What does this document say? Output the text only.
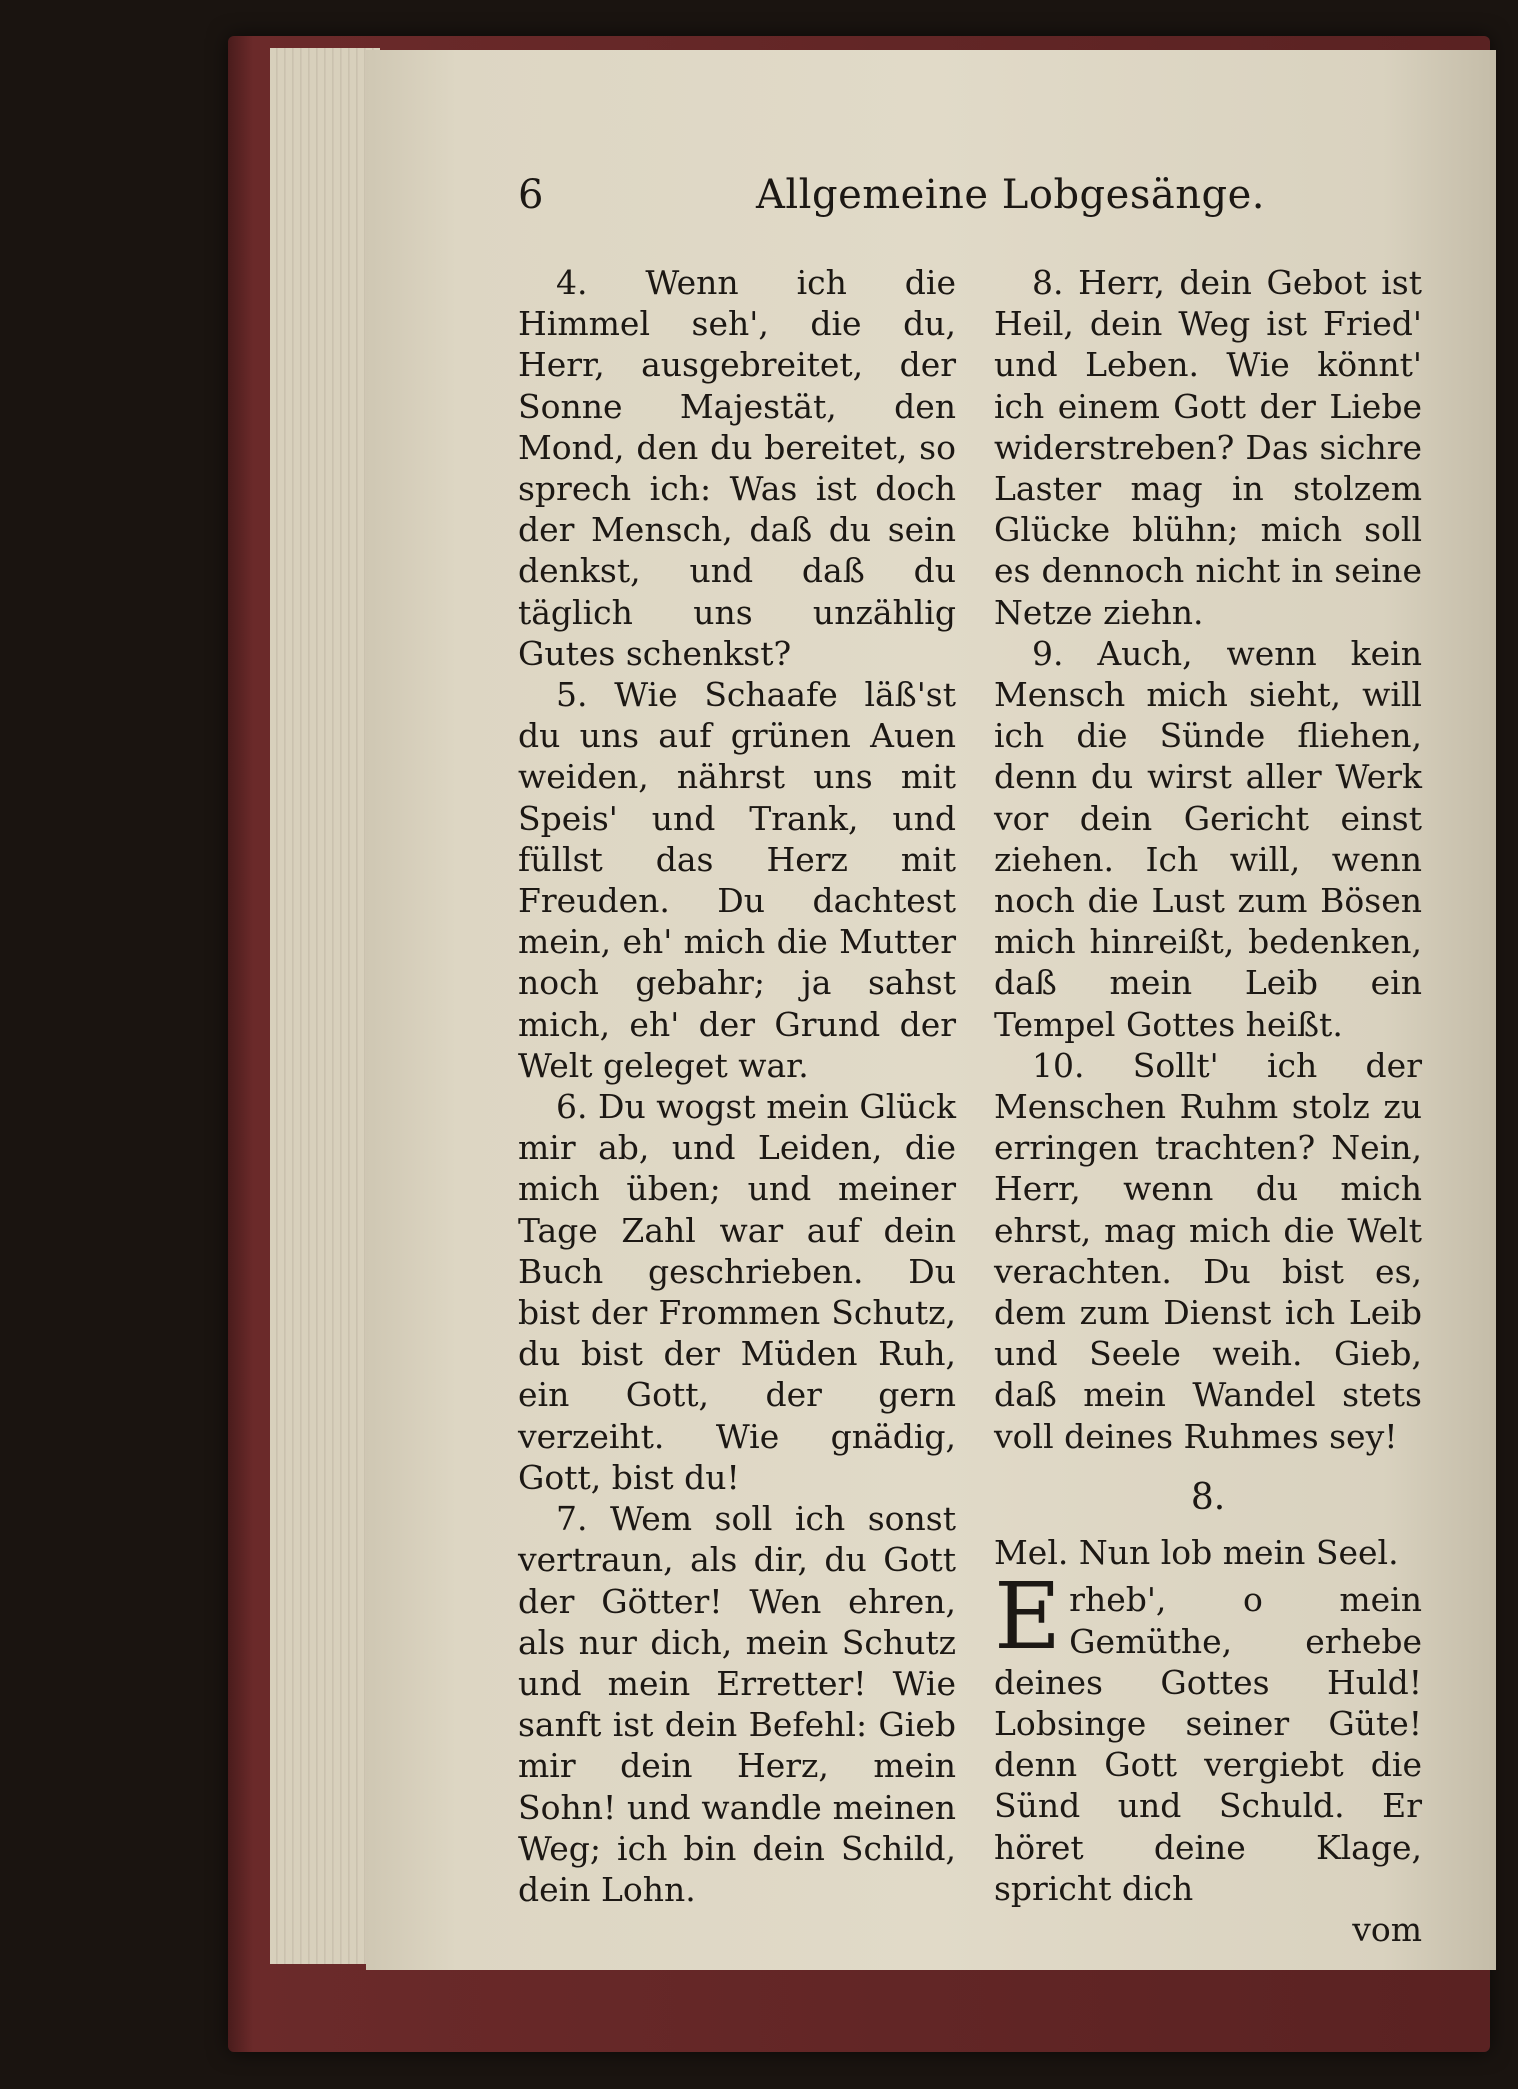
6	Allgemeine Lobgesänge.

4. Wenn ich die Himmel seh', die du, Herr, ausgebreitet, der Sonne Majestät, den Mond, den du bereitet, so sprech ich: Was ist doch der Mensch, daß du sein denkst, und daß du täglich uns unzählig Gutes schenkst?

5. Wie Schaafe läß'st du uns auf grünen Auen weiden, nährst uns mit Speis' und Trank, und füllst das Herz mit Freuden. Du dachtest mein, eh' mich die Mutter noch gebahr; ja sahst mich, eh' der Grund der Welt geleget war.

6. Du wogst mein Glück mir ab, und Leiden, die mich üben; und meiner Tage Zahl war auf dein Buch geschrieben. Du bist der Frommen Schutz, du bist der Müden Ruh, ein Gott, der gern verzeiht. Wie gnädig, Gott, bist du!

7. Wem soll ich sonst vertraun, als dir, du Gott der Götter! Wen ehren, als nur dich, mein Schutz und mein Erretter! Wie sanft ist dein Befehl: Gieb mir dein Herz, mein Sohn! und wandle meinen Weg; ich bin dein Schild, dein Lohn.

8. Herr, dein Gebot ist Heil, dein Weg ist Fried' und Leben. Wie könnt' ich einem Gott der Liebe widerstreben? Das sichre Laster mag in stolzem Glücke blühn; mich soll es dennoch nicht in seine Netze ziehn.

9. Auch, wenn kein Mensch mich sieht, will ich die Sünde fliehen, denn du wirst aller Werk vor dein Gericht einst ziehen. Ich will, wenn noch die Lust zum Bösen mich hinreißt, bedenken, daß mein Leib ein Tempel Gottes heißt.

10. Sollt' ich der Menschen Ruhm stolz zu erringen trachten? Nein, Herr, wenn du mich ehrst, mag mich die Welt verachten. Du bist es, dem zum Dienst ich Leib und Seele weih. Gieb, daß mein Wandel stets voll deines Ruhmes sey!

8.

Mel. Nun lob mein Seel.

Erheb', o mein Gemüthe, erhebe deines Gottes Huld! Lobsinge seiner Güte! denn Gott vergiebt die Sünd und Schuld. Er höret deine Klage, spricht dich

vom
